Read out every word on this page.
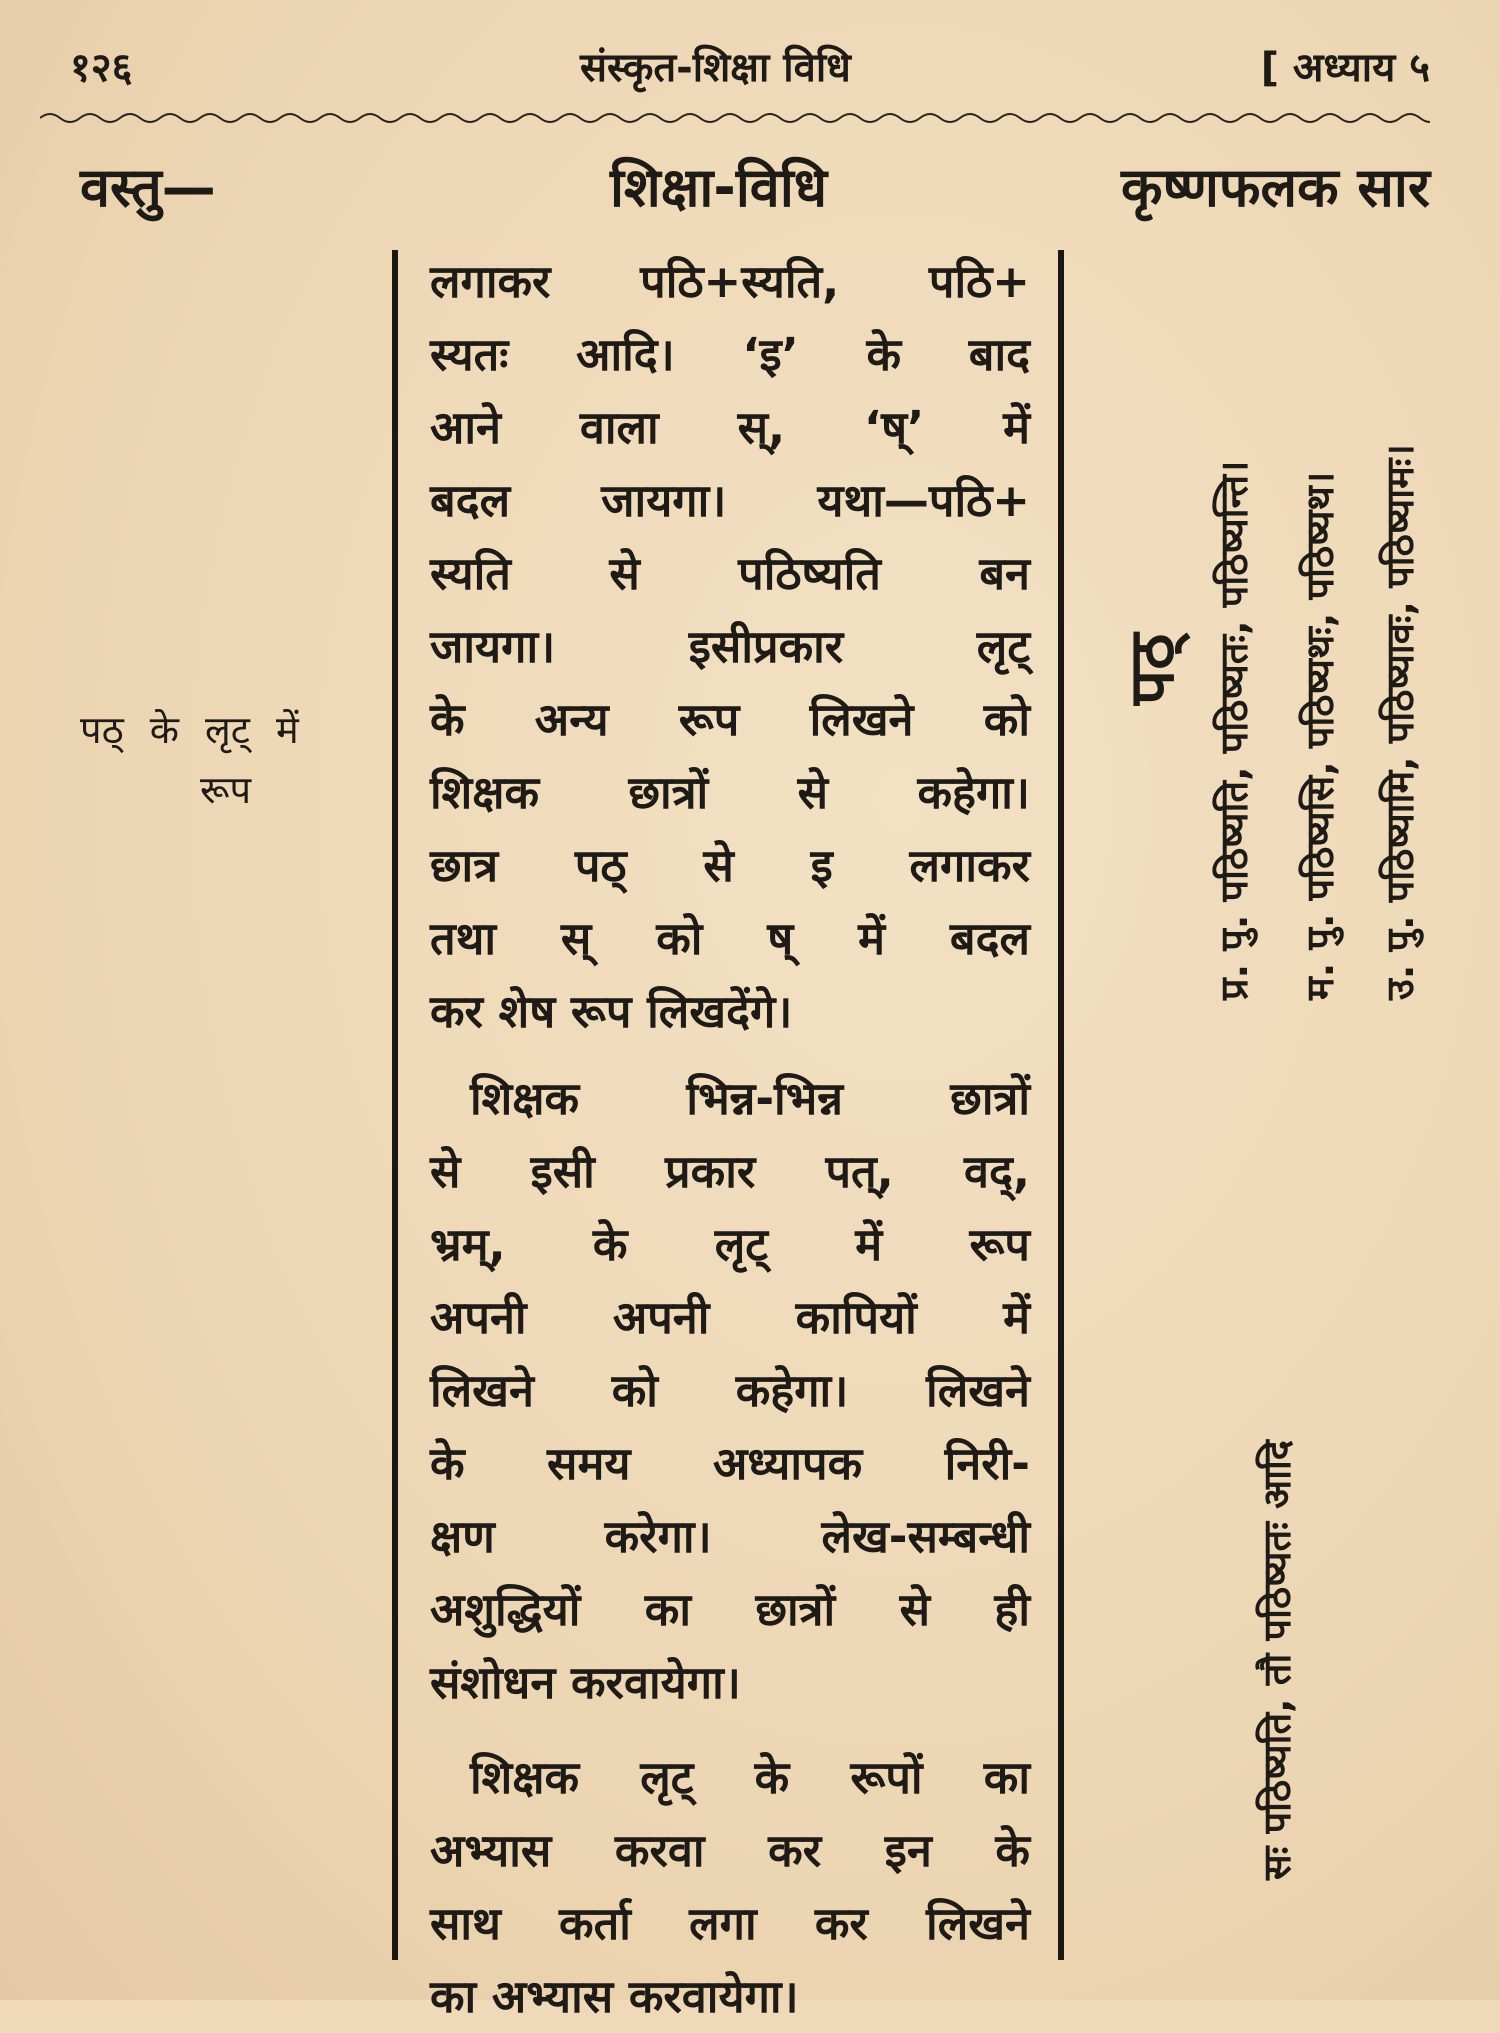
१२६	संस्कृत-शिक्षा विधि	[ अध्याय ५
वस्तु—	शिक्षा-विधि	कृष्णफलक सार
पठ् के लृट् में
रूप
लगाकर पठि+स्यति, पठि+
स्यतः आदि। ‘इ’ के बाद
आने वाला स्, ‘ष्’ में
बदल जायगा। यथा—पठि+
स्यति से पठिष्यति बन
जायगा। इसीप्रकार लृट्
के अन्य रूप लिखने को
शिक्षक छात्रों से कहेगा।
छात्र पठ् से इ लगाकर
तथा स् को ष् में बदल
कर शेष रूप लिखदेंगे।
शिक्षक भिन्न-भिन्न छात्रों
से इसी प्रकार पत्, वद्,
भ्रम्, के लृट् में रूप
अपनी अपनी कापियों में
लिखने को कहेगा। लिखने
के समय अध्यापक निरी-
क्षण करेगा। लेख-सम्बन्धी
अशुद्धियों का छात्रों से ही
संशोधन करवायेगा।
शिक्षक लृट् के रूपों का
अभ्यास करवा कर इन के
साथ कर्ता लगा कर लिखने
का अभ्यास करवायेगा।
पठ् प्र. पु. पठिष्यति, पठिष्यतः, पठिष्यन्ति। म. पु. पठिष्यसि, पठिष्यथः, पठिष्यथ। उ. पु. पठिष्यामि, पठिष्यावः, पठिष्यामः।
सः पठिष्यति, तौ पठिष्यतः आदि
